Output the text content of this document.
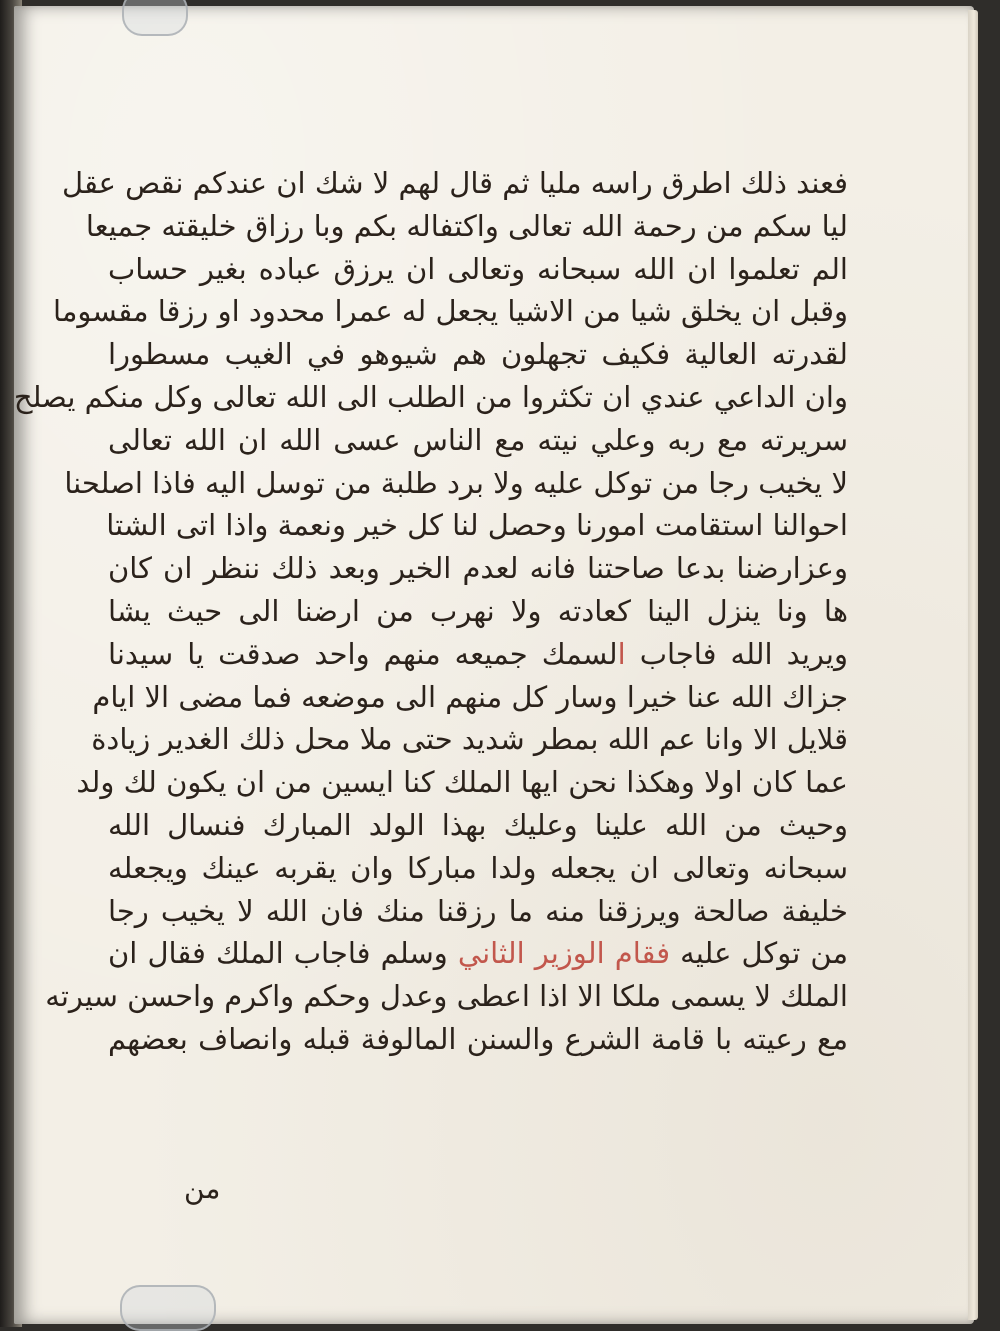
فعند ذلك اطرق راسه مليا ثم قال لهم لا شك ان عندكم نقص عقل
ليا سكم من رحمة الله تعالى واكتفاله بكم وبا رزاق خليقته جميعا
الم تعلموا ان الله سبحانه وتعالى ان يرزق عباده بغير حساب
وقبل ان يخلق شيا من الاشيا يجعل له عمرا محدود او رزقا مقسوما
لقدرته العالية فكيف تجهلون هم شيوهو في الغيب مسطورا
وان الداعي عندي ان تكثروا من الطلب الى الله تعالى وكل منكم يصلح
سريرته مع ربه وعلي نيته مع الناس عسى الله ان الله تعالى
لا يخيب رجا من توكل عليه ولا برد طلبة من توسل اليه فاذا اصلحنا
احوالنا استقامت امورنا وحصل لنا كل خير ونعمة واذا اتى الشتا
وعزارضنا بدعا صاحتنا فانه لعدم الخير وبعد ذلك ننظر ان كان
ها ونا ينزل الينا كعادته ولا نهرب من ارضنا الى حيث يشا
ويريد الله فاجاب السمك جميعه منهم واحد صدقت يا سيدنا
جزاك الله عنا خيرا وسار كل منهم الى موضعه فما مضى الا ايام
قلايل الا وانا عم الله بمطر شديد حتى ملا محل ذلك الغدير زيادة
عما كان اولا وهكذا نحن ايها الملك كنا ايسين من ان يكون لك ولد
وحيث من الله علينا وعليك بهذا الولد المبارك فنسال الله
سبحانه وتعالى ان يجعله ولدا مباركا وان يقربه عينك ويجعله
خليفة صالحة ويرزقنا منه ما رزقنا منك فان الله لا يخيب رجا
من توكل عليه فقام الوزير الثاني وسلم فاجاب الملك فقال ان
الملك لا يسمى ملكا الا اذا اعطى وعدل وحكم واكرم واحسن سيرته
مع رعيته با قامة الشرع والسنن المالوفة قبله وانصاف بعضهم
من
